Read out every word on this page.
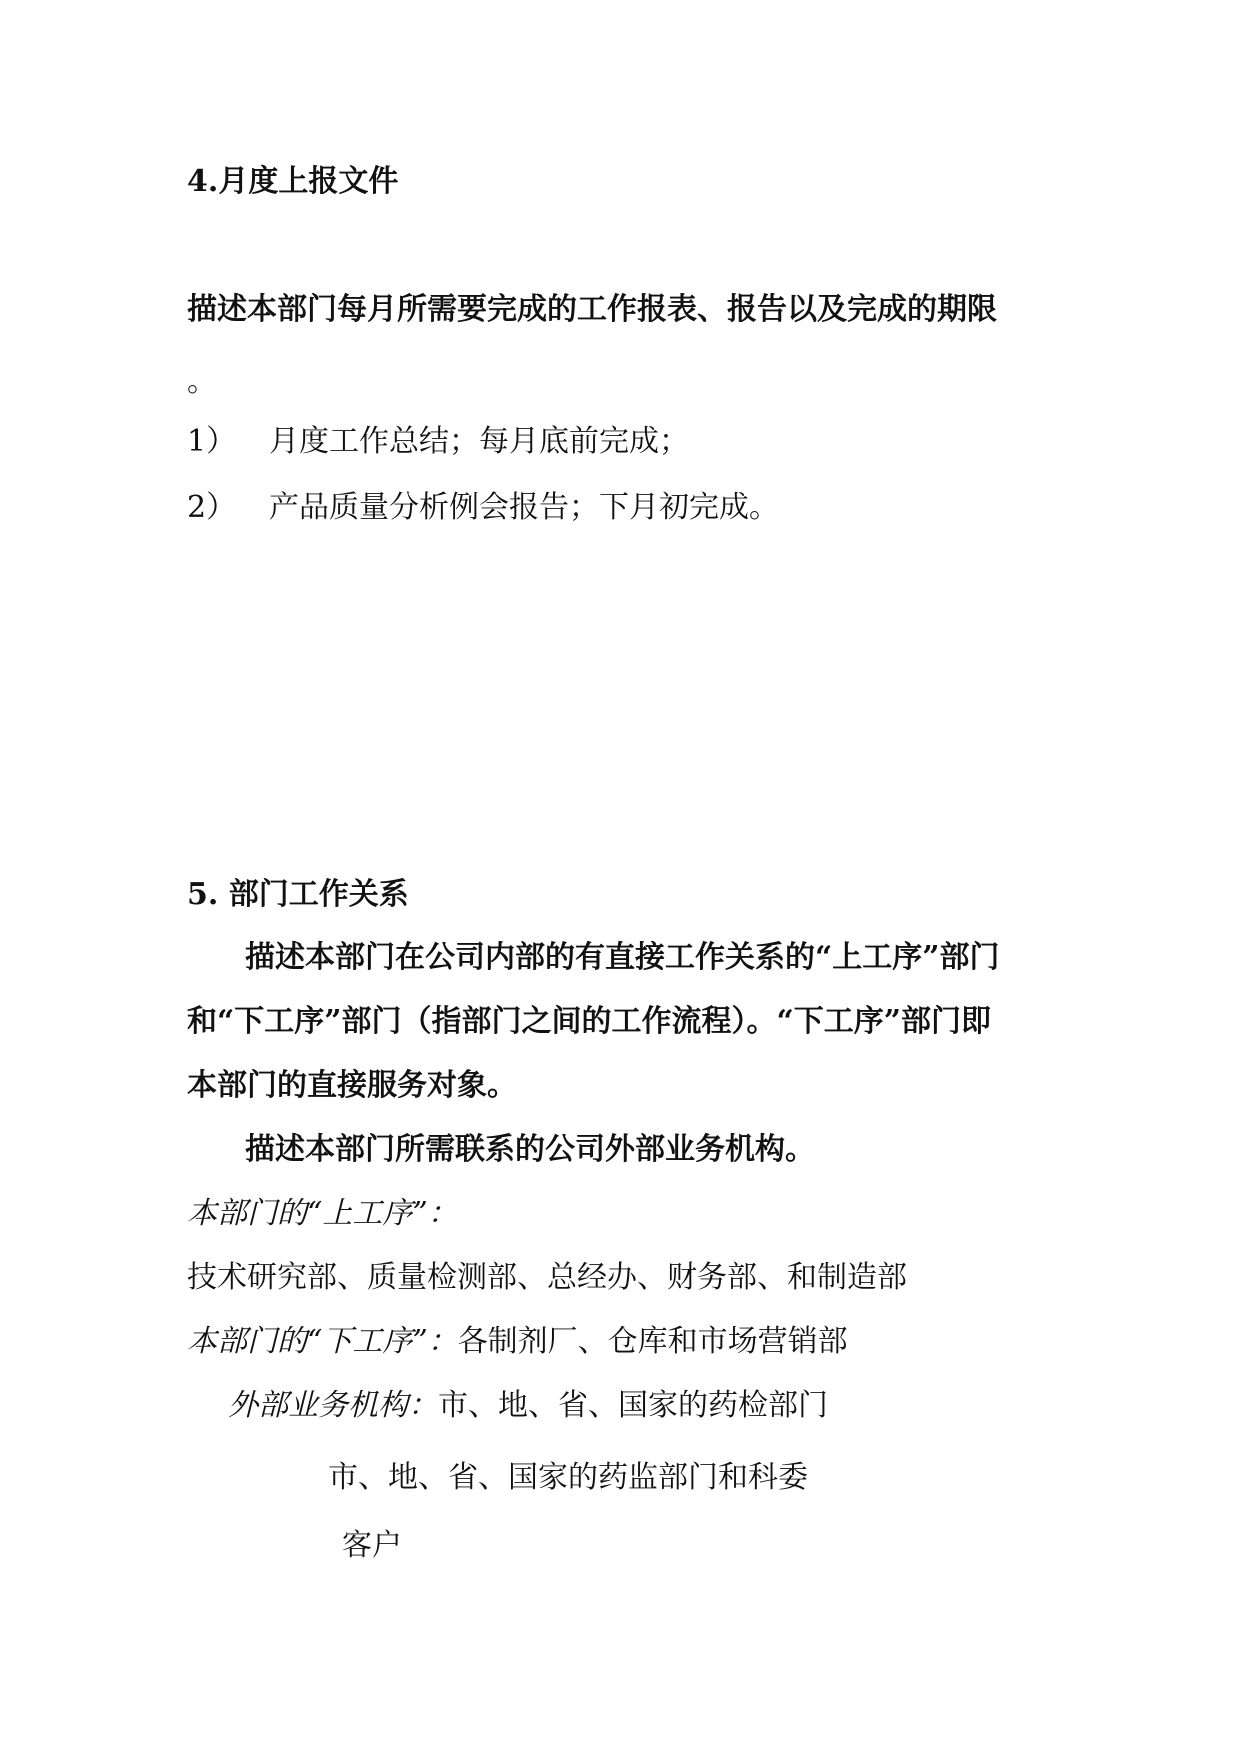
4.月度上报文件
描述本部门每月所需要完成的工作报表、报告以及完成的期限
。
1） 月度工作总结；每月底前完成；
2） 产品质量分析例会报告；下月初完成。
5. 部门工作关系
描述本部门在公司内部的有直接工作关系的“上工序”部门
和“下工序”部门（指部门之间的工作流程）。“下工序”部门即
本部门的直接服务对象。
描述本部门所需联系的公司外部业务机构。
本部门的“上工序”：
技术研究部、质量检测部、总经办、财务部、和制造部
本部门的“下工序”：各制剂厂、仓库和市场营销部
外部业务机构：市、地、省、国家的药检部门
市、地、省、国家的药监部门和科委
客户
